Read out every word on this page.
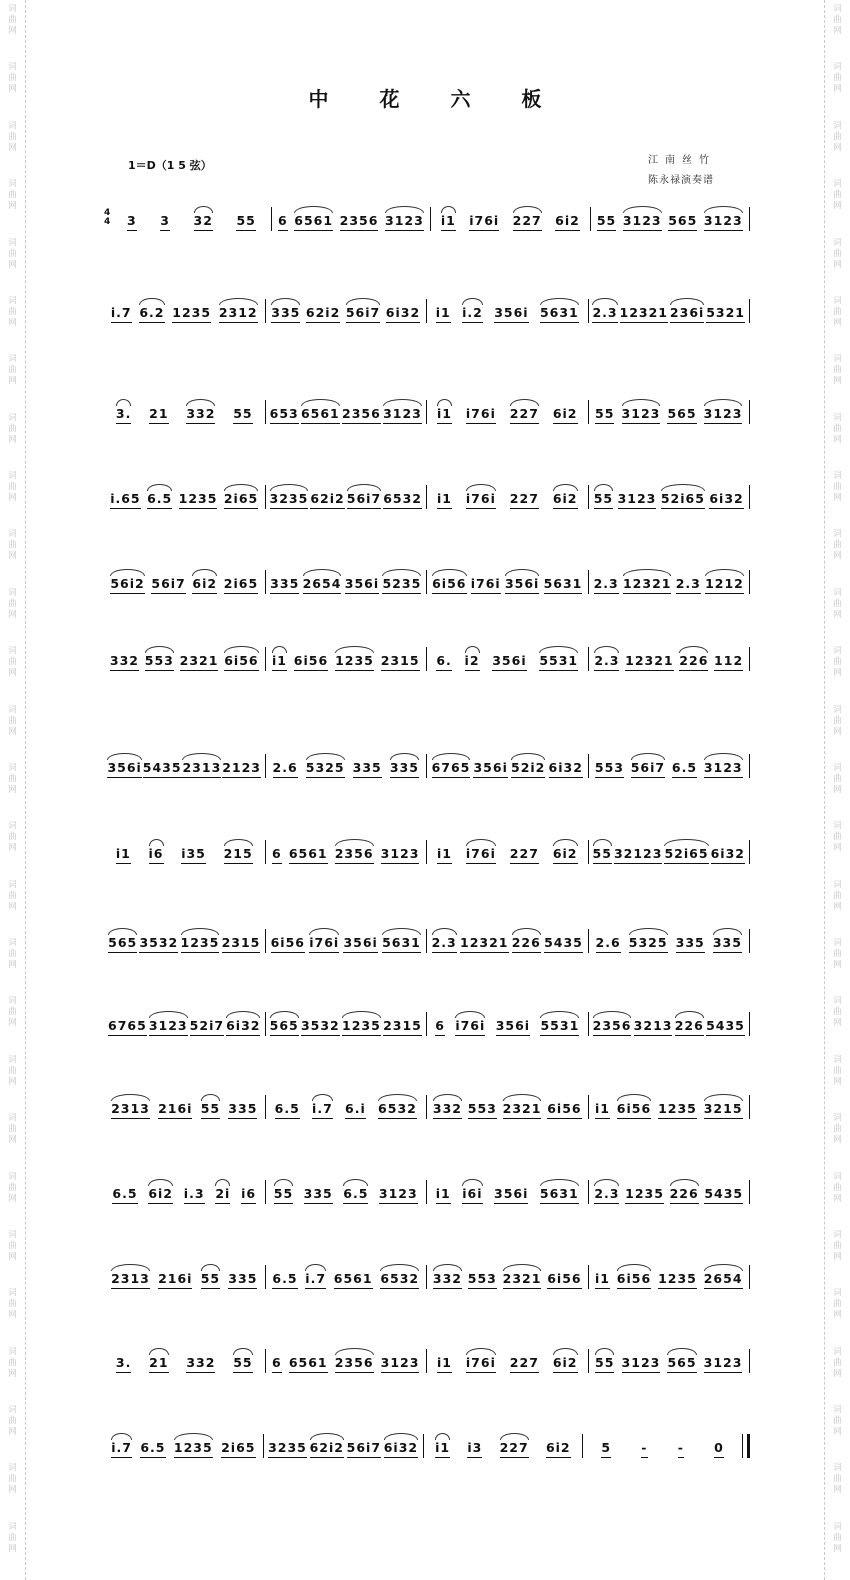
词
曲
网
词
曲
网
词
曲
网
词
曲
网
词
曲
网
词
曲
网
词
曲
网
词
曲
网
词
曲
网
词
曲
网
词
曲
网
词
曲
网
词
曲
网
词
曲
网
词
曲
网
词
曲
网
词
曲
网
词
曲
网
词
曲
网
词
曲
网
词
曲
网
词
曲
网
词
曲
网
词
曲
网
词
曲
网
词
曲
网
词
曲
网
词
曲
网
词
曲
网
词
曲
网
词
曲
网
词
曲
网
词
曲
网
词
曲
网
词
曲
网
词
曲
网
词
曲
网
词
曲
网
词
曲
网
词
曲
网
词
曲
网
词
曲
网
词
曲
网
词
曲
网
词
曲
网
词
曲
网
词
曲
网
词
曲
网
词
曲
网
词
曲
网
词
曲
网
词
曲
网
词
曲
网
词
曲
网
中 花 六 板
1＝D（1 5 弦）	江南丝竹
陈永禄演奏谱
4
4 3 3 32 55 6 6561 2356 3123 i1 i76i 227 6i2 55 3123 565 3123
i.7 6.2 1235 2312 335 62i2 56i7 6i32 i1 i.2 356i 5631 2.3 12321 236i 5321
3. 21 332 55 653 6561 2356 3123 i1 i76i 227 6i2 55 3123 565 3123
i.65 6.5 1235 2i65 3235 62i2 56i7 6532 i1 i76i 227 6i2 55 3123 52i65 6i32
56i2 56i7 6i2 2i65 335 2654 356i 5235 6i56 i76i 356i 5631 2.3 12321 2.3 1212
332 553 2321 6i56 i1 6i56 1235 2315 6. i2 356i 5531 2.3 12321 226 112
356i 5435 2313 2123 2.6 5325 335 335 6765 356i 52i2 6i32 553 56i7 6.5 3123
i1 i6 i35 215 6 6561 2356 3123 i1 i76i 227 6i2 55 32123 52i65 6i32
565 3532 1235 2315 6i56 i76i 356i 5631 2.3 12321 226 5435 2.6 5325 335 335
6765 3123 52i7 6i32 565 3532 1235 2315 6 i76i 356i 5531 2356 3213 226 5435
2313 216i 55 335 6.5 i.7 6.i 6532 332 553 2321 6i56 i1 6i56 1235 3215
6.5 6i2 i.3 2i i6 55 335 6.5 3123 i1 i6i 356i 5631 2.3 1235 226 5435
2313 216i 55 335 6.5 i.7 6561 6532 332 553 2321 6i56 i1 6i56 1235 2654
3. 21 332 55 6 6561 2356 3123 i1 i76i 227 6i2 55 3123 565 3123
i.7 6.5 1235 2i65 3235 62i2 56i7 6i32 i1 i3 227 6i2 5 - - 0
